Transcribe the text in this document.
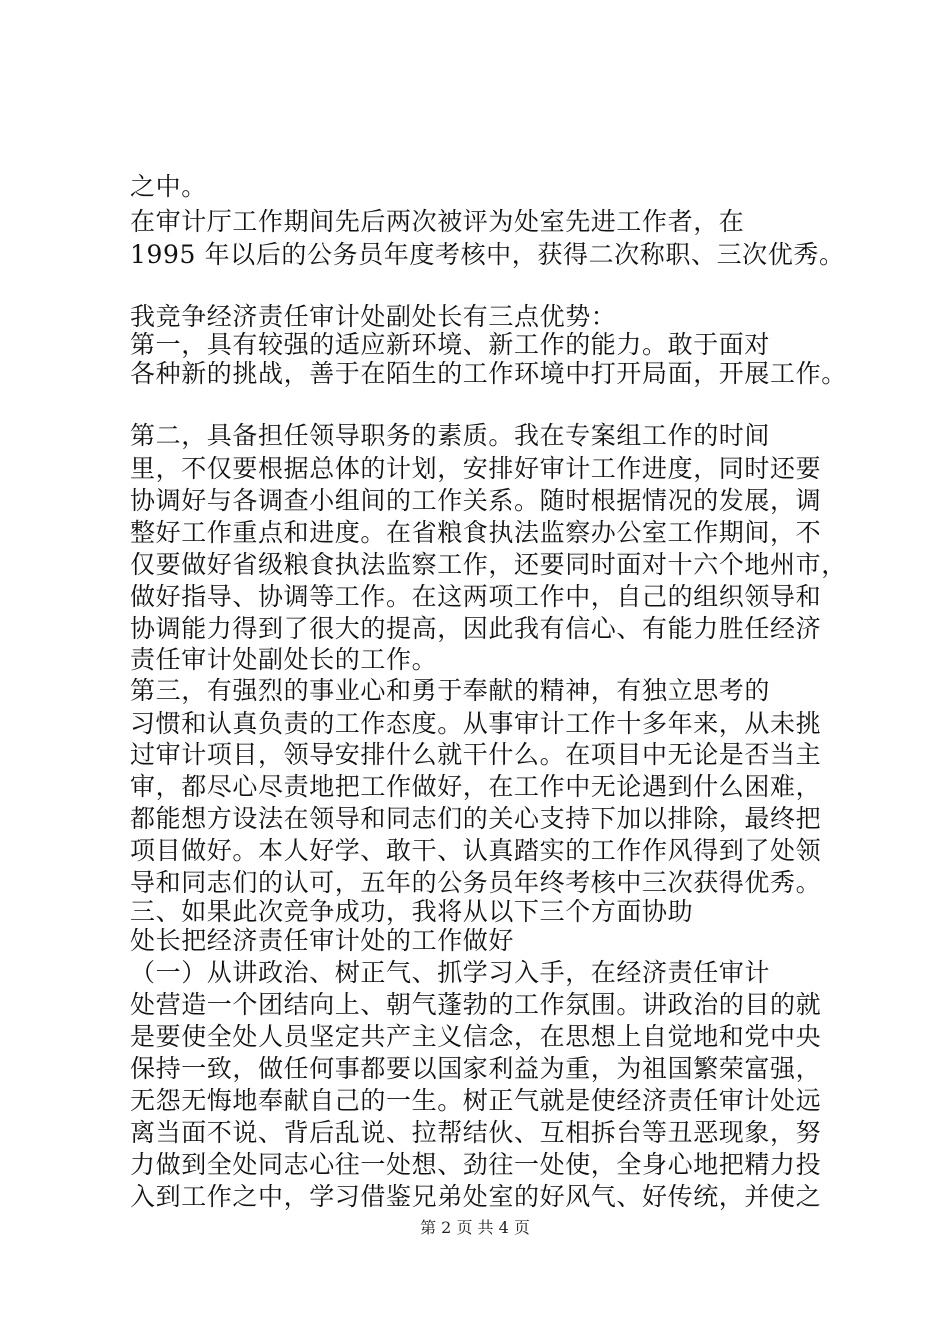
之中。
在审计厅工作期间先后两次被评为处室先进工作者，在
1995 年以后的公务员年度考核中，获得二次称职、三次优秀。
我竞争经济责任审计处副处长有三点优势：
第一，具有较强的适应新环境、新工作的能力。敢于面对
各种新的挑战，善于在陌生的工作环境中打开局面，开展工作。
第二，具备担任领导职务的素质。我在专案组工作的时间
里，不仅要根据总体的计划，安排好审计工作进度，同时还要
协调好与各调查小组间的工作关系。随时根据情况的发展，调
整好工作重点和进度。在省粮食执法监察办公室工作期间，不
仅要做好省级粮食执法监察工作，还要同时面对十六个地州市，
做好指导、协调等工作。在这两项工作中，自己的组织领导和
协调能力得到了很大的提高，因此我有信心、有能力胜任经济
责任审计处副处长的工作。
第三，有强烈的事业心和勇于奉献的精神，有独立思考的
习惯和认真负责的工作态度。从事审计工作十多年来，从未挑
过审计项目，领导安排什么就干什么。在项目中无论是否当主
审，都尽心尽责地把工作做好，在工作中无论遇到什么困难，
都能想方设法在领导和同志们的关心支持下加以排除，最终把
项目做好。本人好学、敢干、认真踏实的工作作风得到了处领
导和同志们的认可，五年的公务员年终考核中三次获得优秀。
三、如果此次竞争成功，我将从以下三个方面协助
处长把经济责任审计处的工作做好
（一）从讲政治、树正气、抓学习入手，在经济责任审计
处营造一个团结向上、朝气蓬勃的工作氛围。讲政治的目的就
是要使全处人员坚定共产主义信念，在思想上自觉地和党中央
保持一致，做任何事都要以国家利益为重，为祖国繁荣富强，
无怨无悔地奉献自己的一生。树正气就是使经济责任审计处远
离当面不说、背后乱说、拉帮结伙、互相拆台等丑恶现象，努
力做到全处同志心往一处想、劲往一处使，全身心地把精力投
入到工作之中，学习借鉴兄弟处室的好风气、好传统，并使之
第 2 页 共 4 页
